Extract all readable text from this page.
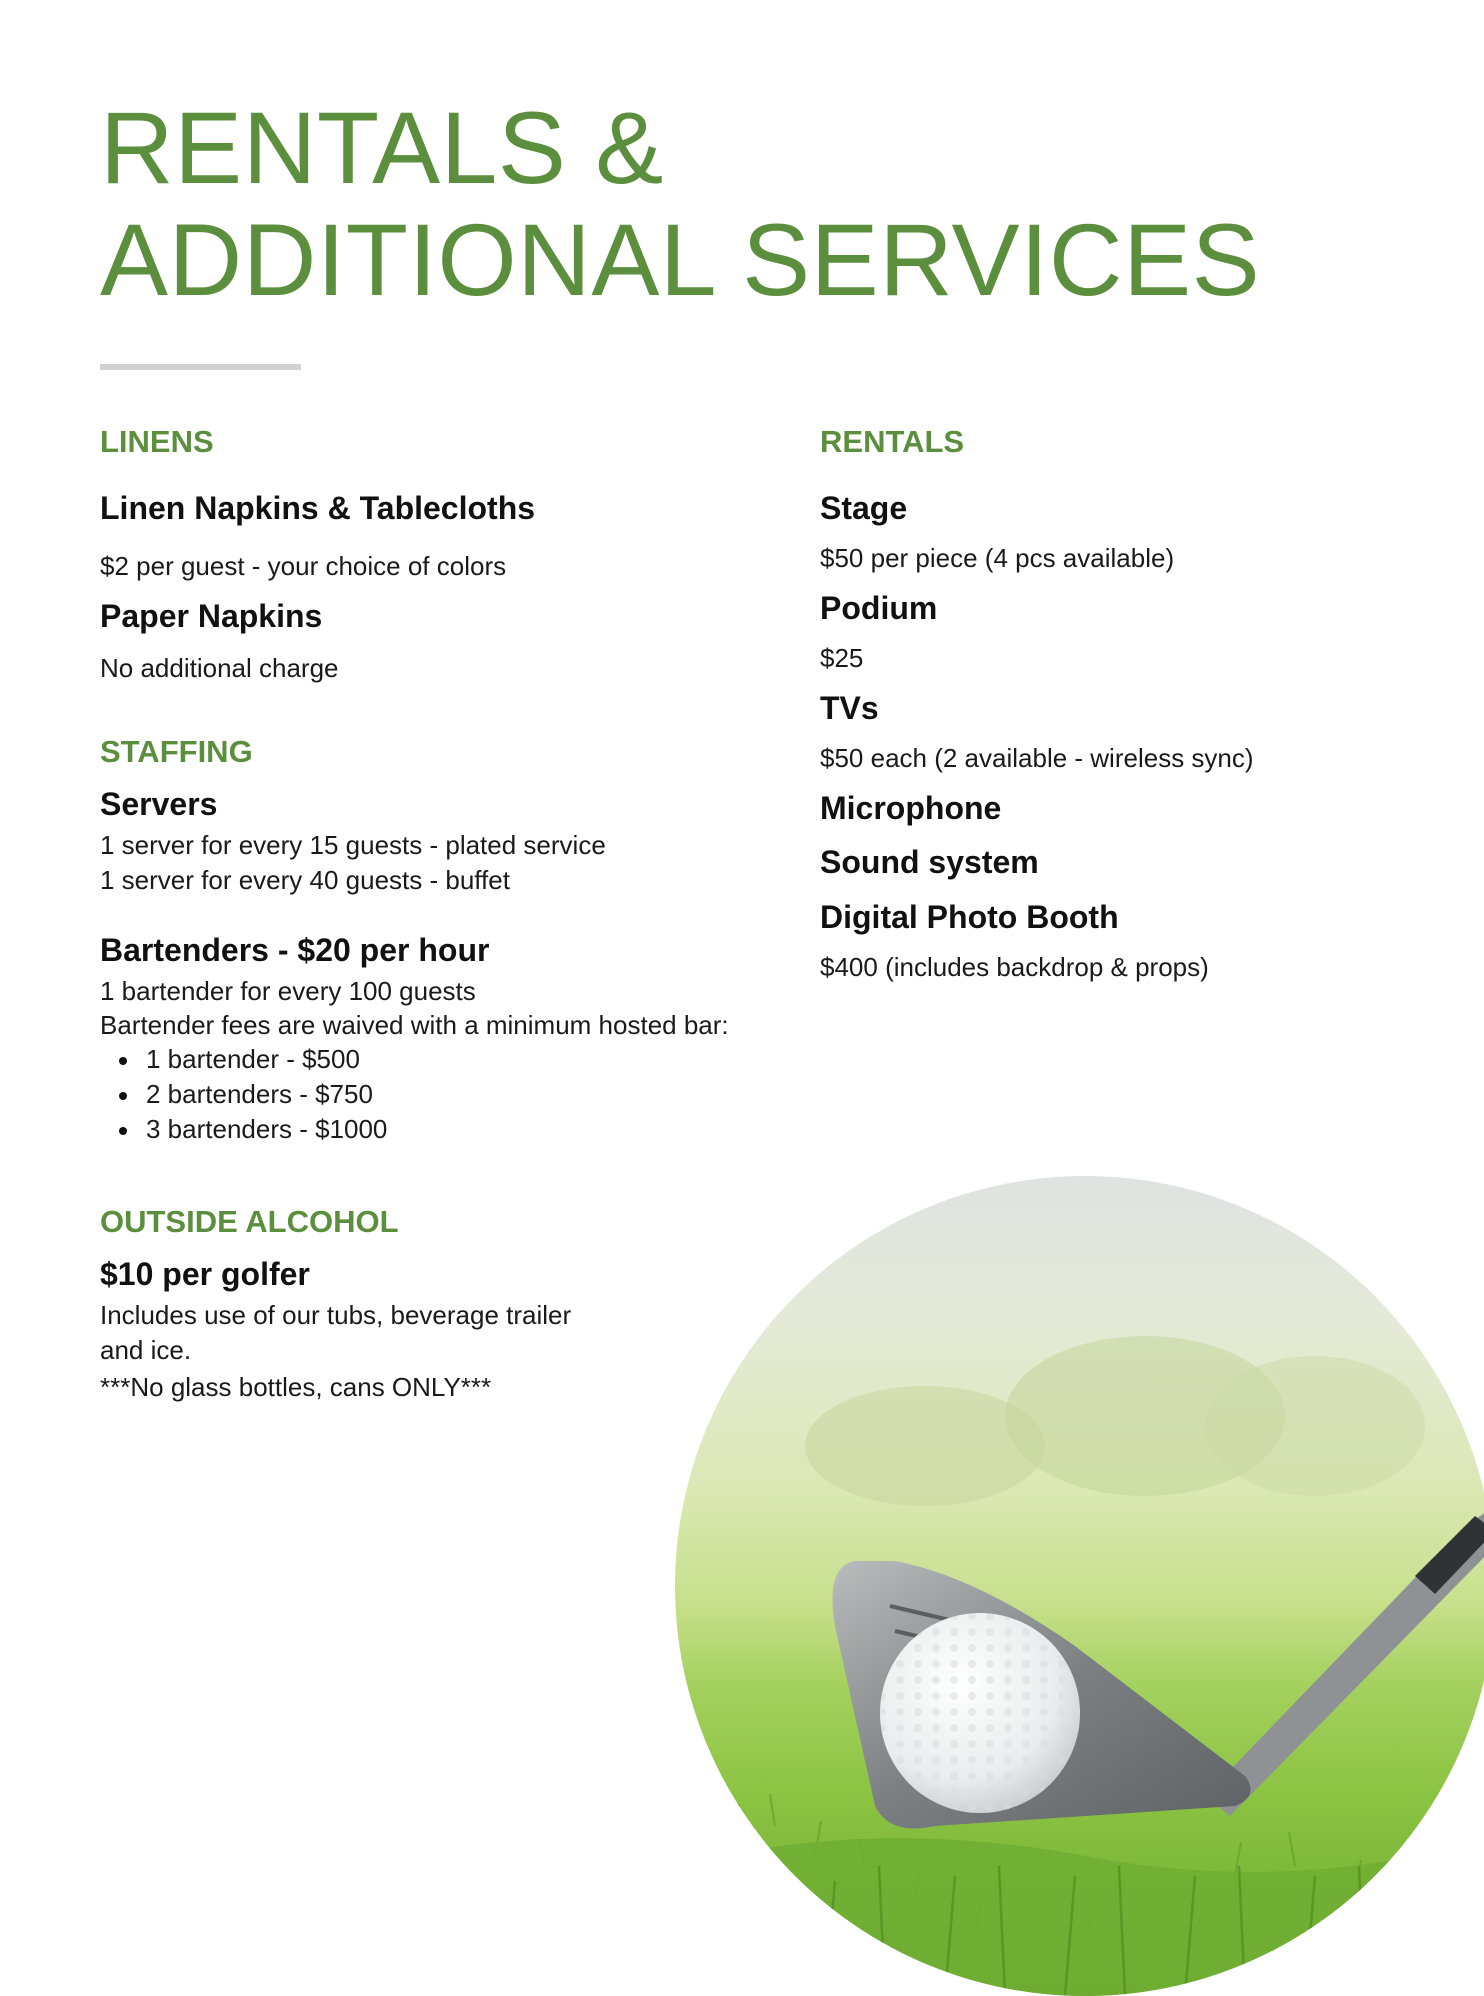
RENTALS &
ADDITIONAL SERVICES
LINENS
Linen Napkins & Tablecloths

$2 per guest - your choice of colors

Paper Napkins

No additional charge

STAFFING
Servers

1 server for every 15 guests - plated service

1 server for every 40 guests - buffet

Bartenders - $20 per hour

1 bartender for every 100 guests

Bartender fees are waived with a minimum hosted bar:

1 bartender - $500
2 bartenders - $750
3 bartenders - $1000
OUTSIDE ALCOHOL
$10 per golfer

Includes use of our tubs, beverage trailer

and ice.

***No glass bottles, cans ONLY***

RENTALS
Stage

$50 per piece (4 pcs available)

Podium

$25

TVs

$50 each (2 available - wireless sync)

Microphone
Sound system
Digital Photo Booth

$400 (includes backdrop & props)
